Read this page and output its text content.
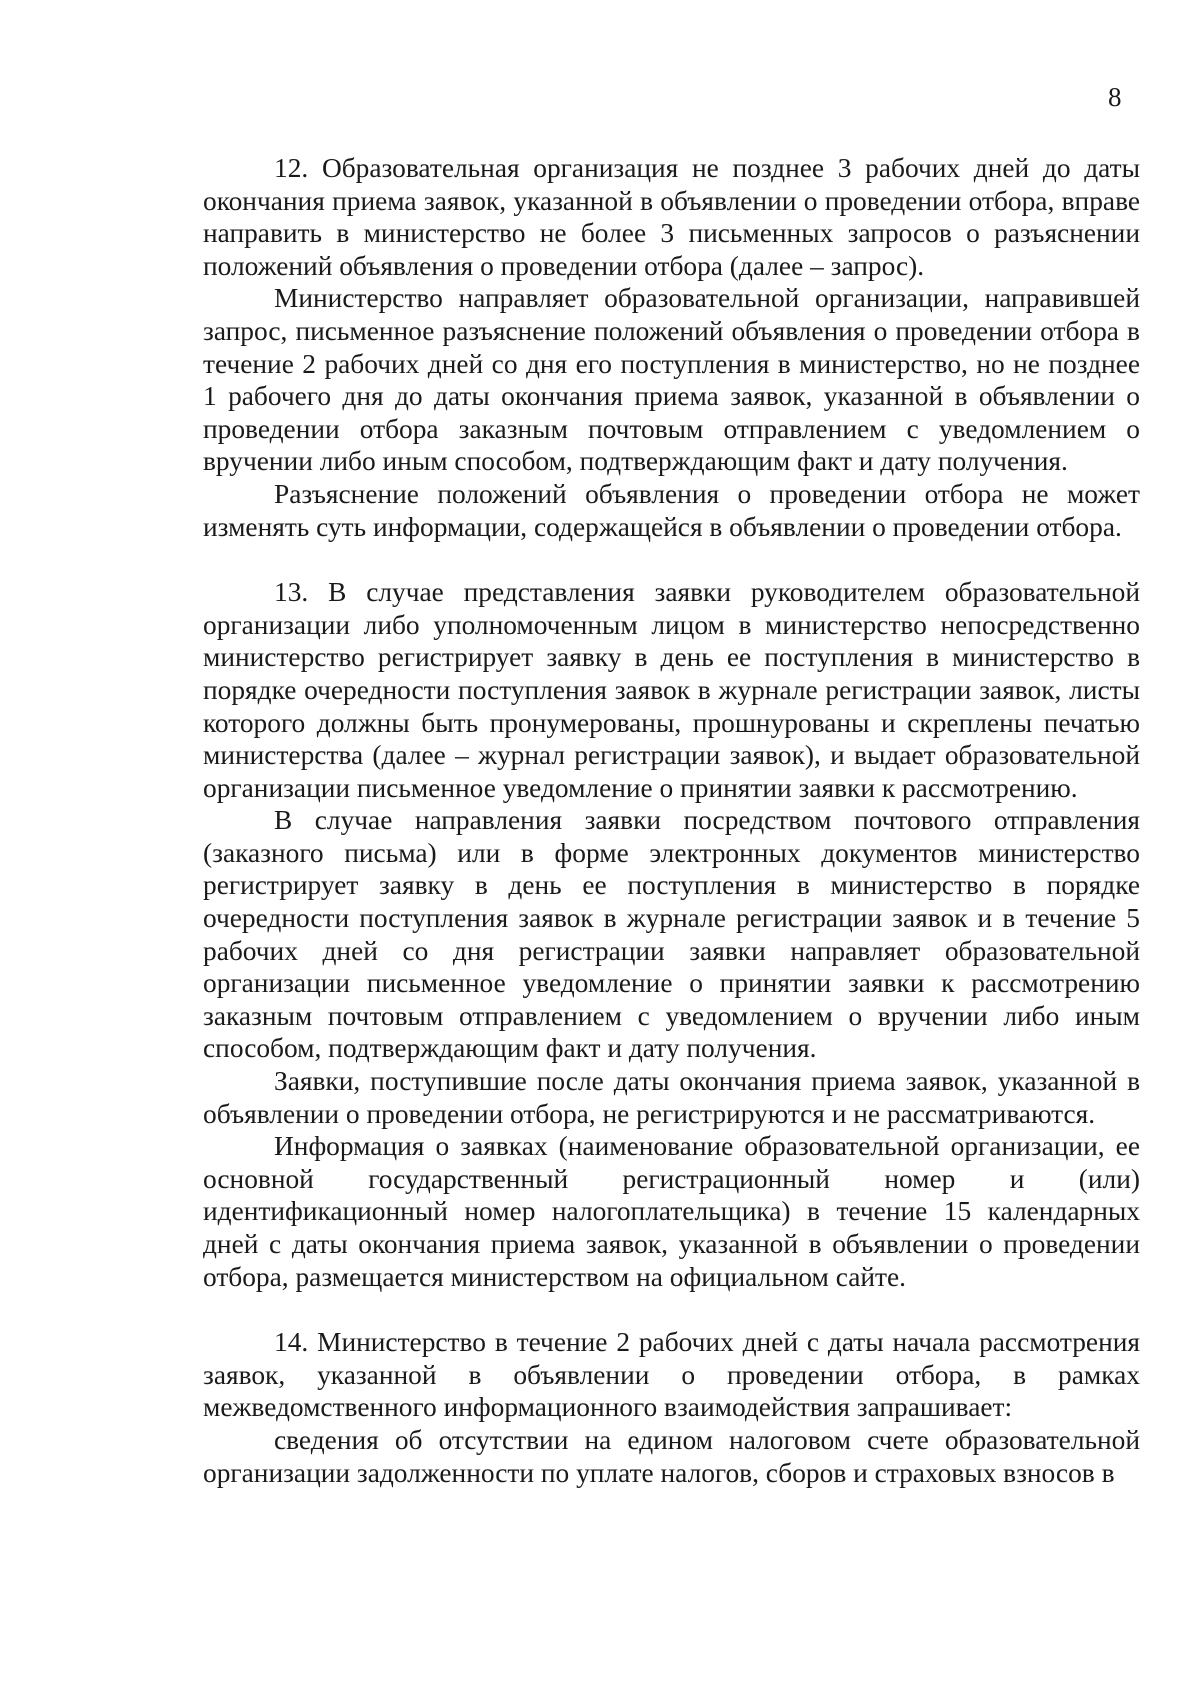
8

12. Образовательная организация не позднее 3 рабочих дней до даты окончания приема заявок, указанной в объявлении о проведении отбора, вправе направить в министерство не более 3 письменных запросов о разъяснении положений объявления о проведении отбора (далее – запрос).

Министерство направляет образовательной организации, направившей запрос, письменное разъяснение положений объявления о проведении отбора в течение 2 рабочих дней со дня его поступления в министерство, но не позднее 1 рабочего дня до даты окончания приема заявок, указанной в объявлении о проведении отбора заказным почтовым отправлением с уведомлением о вручении либо иным способом, подтверждающим факт и дату получения.

Разъяснение положений объявления о проведении отбора не может изменять суть информации, содержащейся в объявлении о проведении отбора.

13. В случае представления заявки руководителем образовательной организации либо уполномоченным лицом в министерство непосредственно министерство регистрирует заявку в день ее поступления в министерство в порядке очередности поступления заявок в журнале регистрации заявок, листы которого должны быть пронумерованы, прошнурованы и скреплены печатью министерства (далее – журнал регистрации заявок), и выдает образовательной организации письменное уведомление о принятии заявки к рассмотрению.

В случае направления заявки посредством почтового отправления (заказного письма) или в форме электронных документов министерство регистрирует заявку в день ее поступления в министерство в порядке очередности поступления заявок в журнале регистрации заявок и в течение 5 рабочих дней со дня регистрации заявки направляет образовательной организации письменное уведомление о принятии заявки к рассмотрению заказным почтовым отправлением с уведомлением о вручении либо иным способом, подтверждающим факт и дату получения.

Заявки, поступившие после даты окончания приема заявок, указанной в объявлении о проведении отбора, не регистрируются и не рассматриваются.

Информация о заявках (наименование образовательной организации, ее основной государственный регистрационный номер и (или) идентификационный номер налогоплательщика) в течение 15 календарных дней с даты окончания приема заявок, указанной в объявлении о проведении отбора, размещается министерством на официальном сайте.

14. Министерство в течение 2 рабочих дней с даты начала рассмотрения заявок, указанной в объявлении о проведении отбора, в рамках межведомственного информационного взаимодействия запрашивает:

сведения об отсутствии на едином налоговом счете образовательной организации задолженности по уплате налогов, сборов и страховых взносов в
